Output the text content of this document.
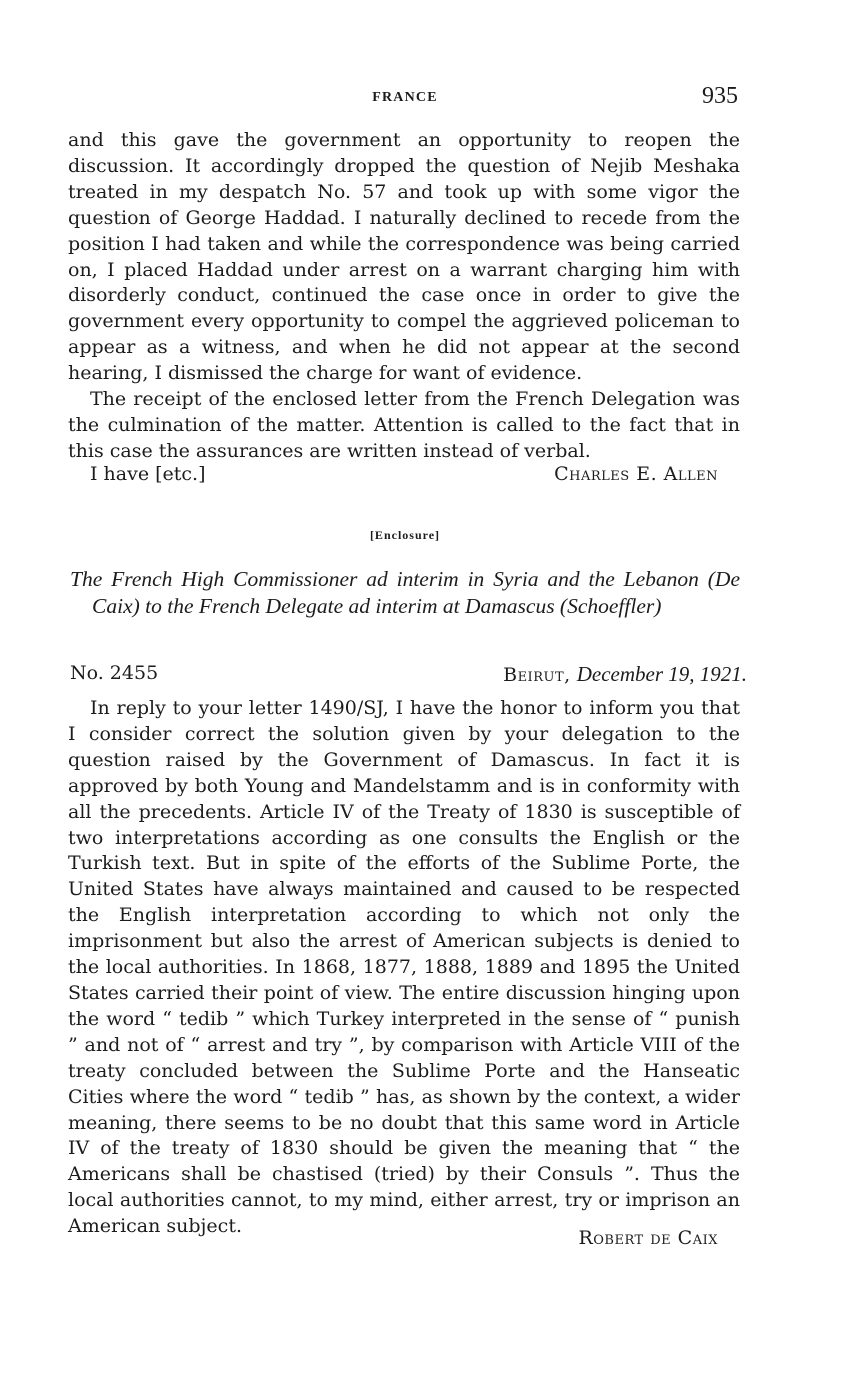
FRANCE	935

and this gave the government an opportunity to reopen the discussion. It accordingly dropped the question of Nejib Meshaka treated in my despatch No. 57 and took up with some vigor the question of George Haddad. I naturally declined to recede from the position I had taken and while the correspondence was being carried on, I placed Haddad under arrest on a warrant charging him with disorderly conduct, continued the case once in order to give the government every opportunity to compel the aggrieved policeman to appear as a witness, and when he did not appear at the second hearing, I dismissed the charge for want of evidence.

The receipt of the enclosed letter from the French Delegation was the culmination of the matter. Attention is called to the fact that in this case the assurances are written instead of verbal.

I have [etc.]	Charles E. Allen
[Enclosure]
The French High Commissioner ad interim in Syria and the Lebanon (De Caix) to the French Delegate ad interim at Damascus (Schoeffler)
No. 2455	Beirut, December 19, 1921.

In reply to your letter 1490/SJ, I have the honor to inform you that I consider correct the solution given by your delegation to the question raised by the Government of Damascus. In fact it is approved by both Young and Mandelstamm and is in conformity with all the precedents. Article IV of the Treaty of 1830 is susceptible of two interpretations according as one consults the English or the Turkish text. But in spite of the efforts of the Sublime Porte, the United States have always maintained and caused to be respected the English interpretation according to which not only the imprisonment but also the arrest of American subjects is denied to the local authorities. In 1868, 1877, 1888, 1889 and 1895 the United States carried their point of view. The entire discussion hinging upon the word “ tedib ” which Turkey interpreted in the sense of “ punish ” and not of “ arrest and try ”, by comparison with Article VIII of the treaty concluded between the Sublime Porte and the Hanseatic Cities where the word “ tedib ” has, as shown by the context, a wider meaning, there seems to be no doubt that this same word in Article IV of the treaty of 1830 should be given the meaning that “ the Americans shall be chastised (tried) by their Consuls ”. Thus the local authorities cannot, to my mind, either arrest, try or imprison an American subject.

Robert de Caix
